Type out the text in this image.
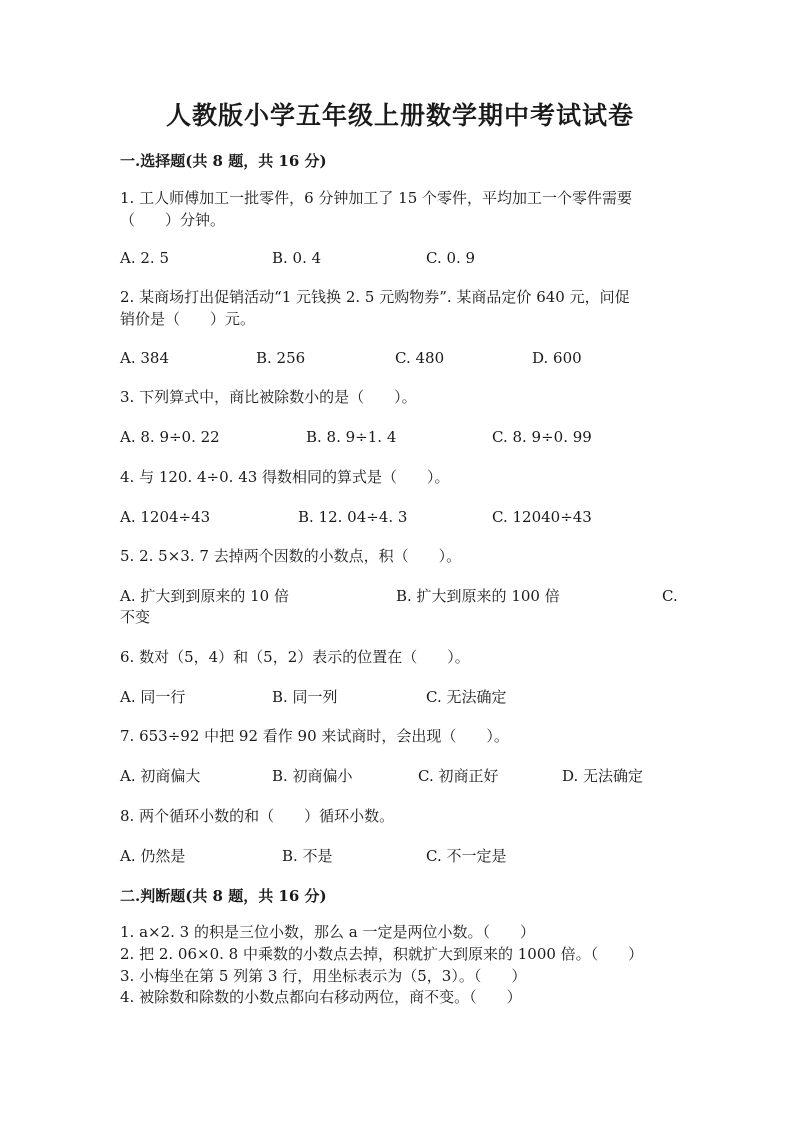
人教版小学五年级上册数学期中考试试卷
一.选择题(共 8 题，共 16 分)
1. 工人师傅加工一批零件，6 分钟加工了 15 个零件，平均加工一个零件需要
（　　）分钟。
A. 2. 5	B. 0. 4	C. 0. 9
2. 某商场打出促销活动“1 元钱换 2. 5 元购物券”. 某商品定价 640 元，问促
销价是（　　）元。
A. 384	B. 256	C. 480	D. 600
3. 下列算式中，商比被除数小的是（　　）。
A. 8. 9÷0. 22	B. 8. 9÷1. 4	C. 8. 9÷0. 99
4. 与 120. 4÷0. 43 得数相同的算式是（　　）。
A. 1204÷43	B. 12. 04÷4. 3	C. 12040÷43
5. 2. 5×3. 7 去掉两个因数的小数点，积（　　）。
A. 扩大到到原来的 10 倍	B. 扩大到原来的 100 倍	C.
不变
6. 数对（5，4）和（5，2）表示的位置在（　　）。
A. 同一行	B. 同一列	C. 无法确定
7. 653÷92 中把 92 看作 90 来试商时，会出现（　　）。
A. 初商偏大	B. 初商偏小	C. 初商正好	D. 无法确定
8. 两个循环小数的和（　　）循环小数。
A. 仍然是	B. 不是	C. 不一定是
二.判断题(共 8 题，共 16 分)
1. a×2. 3 的积是三位小数，那么 a 一定是两位小数。（　　）
2. 把 2. 06×0. 8 中乘数的小数点去掉，积就扩大到原来的 1000 倍。（　　）
3. 小梅坐在第 5 列第 3 行，用坐标表示为（5，3）。（　　）
4. 被除数和除数的小数点都向右移动两位，商不变。（　　）
